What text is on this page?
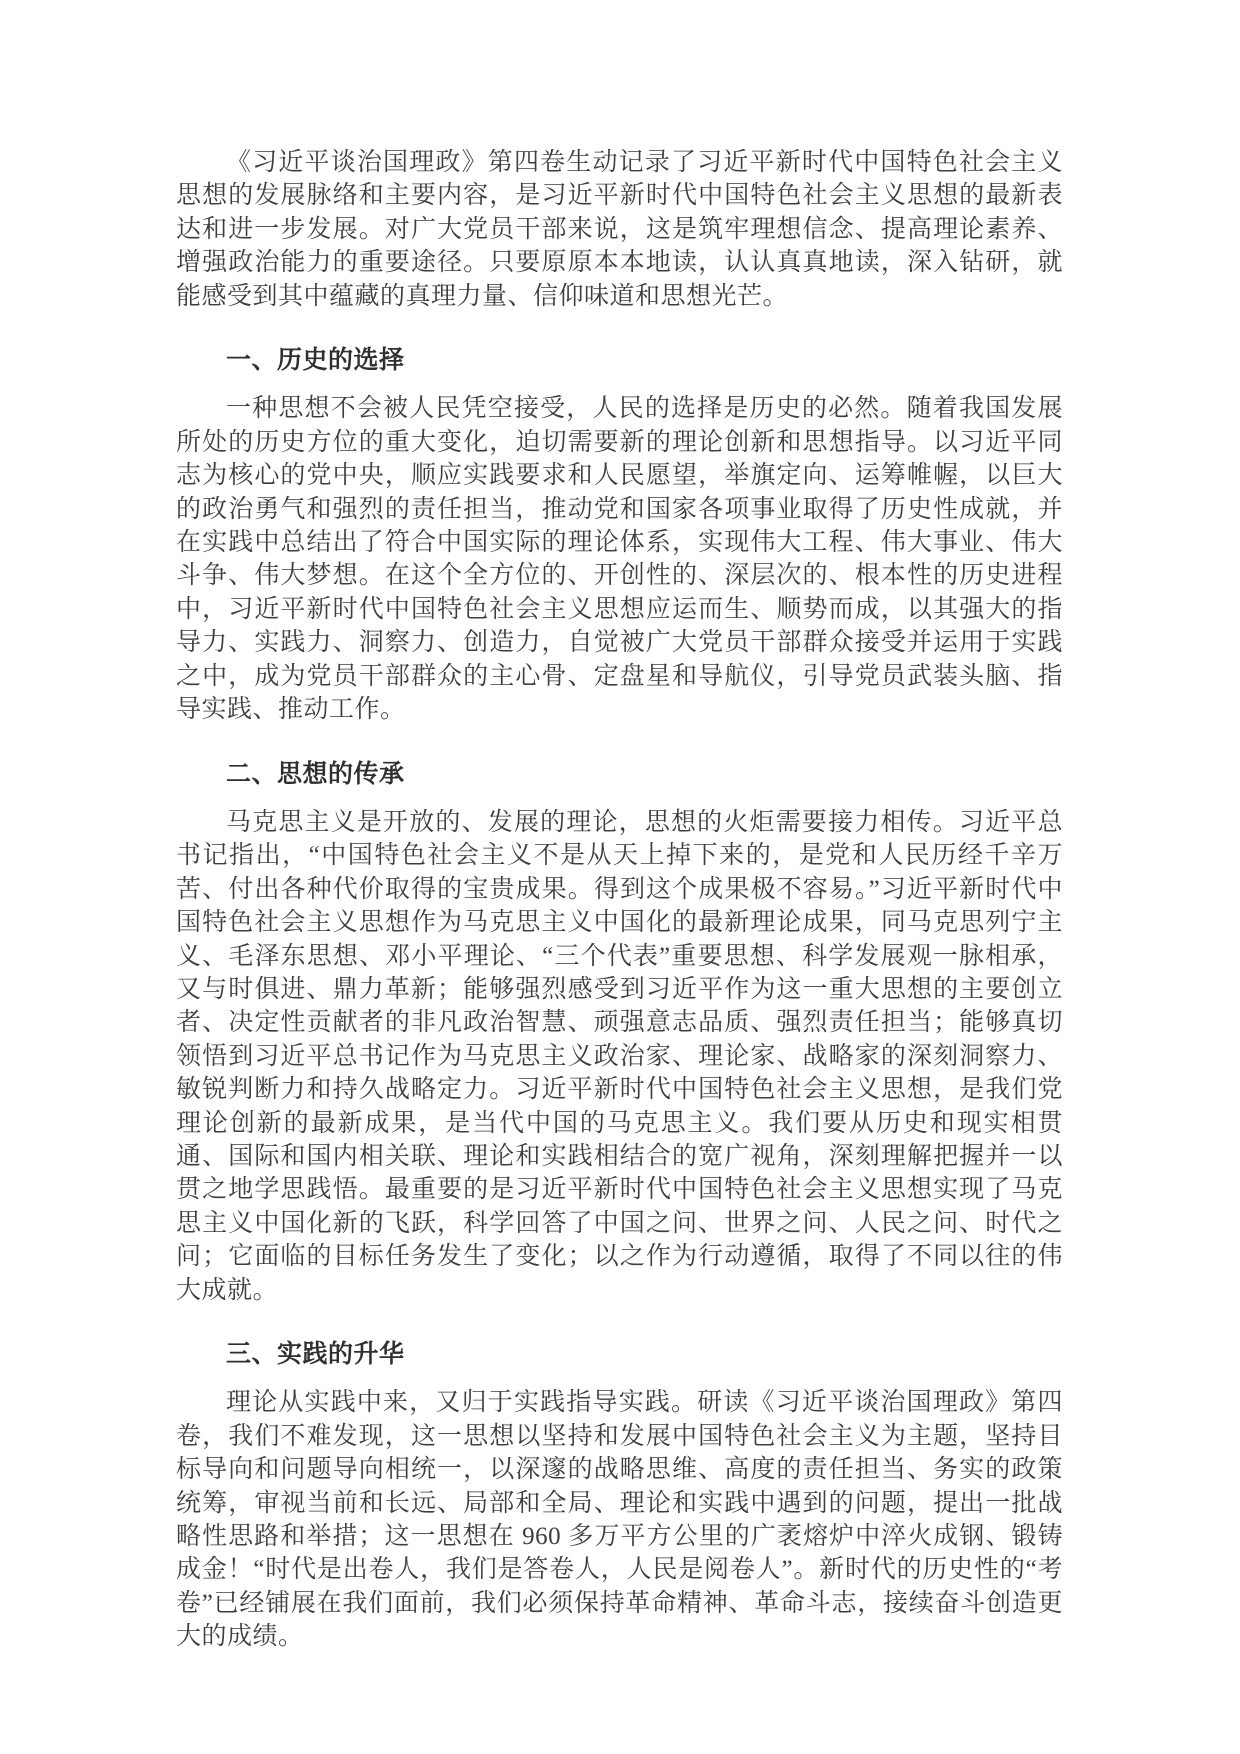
《习近平谈治国理政》第四卷生动记录了习近平新时代中国特色社会主义思想的发展脉络和主要内容，是习近平新时代中国特色社会主义思想的最新表达和进一步发展。对广大党员干部来说，这是筑牢理想信念、提高理论素养、增强政治能力的重要途径。只要原原本本地读，认认真真地读，深入钻研，就能感受到其中蕴藏的真理力量、信仰味道和思想光芒。

一、历史的选择

一种思想不会被人民凭空接受，人民的选择是历史的必然。随着我国发展所处的历史方位的重大变化，迫切需要新的理论创新和思想指导。以习近平同志为核心的党中央，顺应实践要求和人民愿望，举旗定向、运筹帷幄，以巨大的政治勇气和强烈的责任担当，推动党和国家各项事业取得了历史性成就，并在实践中总结出了符合中国实际的理论体系，实现伟大工程、伟大事业、伟大斗争、伟大梦想。在这个全方位的、开创性的、深层次的、根本性的历史进程中，习近平新时代中国特色社会主义思想应运而生、顺势而成，以其强大的指导力、实践力、洞察力、创造力，自觉被广大党员干部群众接受并运用于实践之中，成为党员干部群众的主心骨、定盘星和导航仪，引导党员武装头脑、指导实践、推动工作。

二、思想的传承

马克思主义是开放的、发展的理论，思想的火炬需要接力相传。习近平总书记指出，“中国特色社会主义不是从天上掉下来的，是党和人民历经千辛万苦、付出各种代价取得的宝贵成果。得到这个成果极不容易。”习近平新时代中国特色社会主义思想作为马克思主义中国化的最新理论成果，同马克思列宁主义、毛泽东思想、邓小平理论、“三个代表”重要思想、科学发展观一脉相承，又与时俱进、鼎力革新；能够强烈感受到习近平作为这一重大思想的主要创立者、决定性贡献者的非凡政治智慧、顽强意志品质、强烈责任担当；能够真切领悟到习近平总书记作为马克思主义政治家、理论家、战略家的深刻洞察力、敏锐判断力和持久战略定力。习近平新时代中国特色社会主义思想，是我们党理论创新的最新成果，是当代中国的马克思主义。我们要从历史和现实相贯通、国际和国内相关联、理论和实践相结合的宽广视角，深刻理解把握并一以贯之地学思践悟。最重要的是习近平新时代中国特色社会主义思想实现了马克思主义中国化新的飞跃，科学回答了中国之问、世界之问、人民之问、时代之问；它面临的目标任务发生了变化；以之作为行动遵循，取得了不同以往的伟大成就。

三、实践的升华

理论从实践中来，又归于实践指导实践。研读《习近平谈治国理政》第四卷，我们不难发现，这一思想以坚持和发展中国特色社会主义为主题，坚持目标导向和问题导向相统一，以深邃的战略思维、高度的责任担当、务实的政策统筹，审视当前和长远、局部和全局、理论和实践中遇到的问题，提出一批战略性思路和举措；这一思想在 960 多万平方公里的广袤熔炉中淬火成钢、锻铸成金！“时代是出卷人，我们是答卷人，人民是阅卷人”。新时代的历史性的“考卷”已经铺展在我们面前，我们必须保持革命精神、革命斗志，接续奋斗创造更大的成绩。
